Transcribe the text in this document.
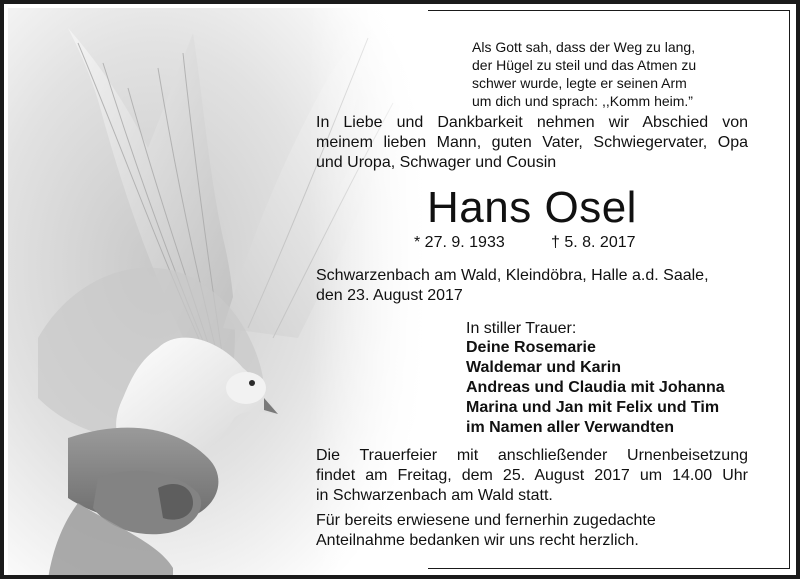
Als Gott sah, dass der Weg zu lang,
der Hügel zu steil und das Atmen zu
schwer wurde, legte er seinen Arm
um dich und sprach: ,,Komm heim.”
In Liebe und Dankbarkeit nehmen wir Abschied von
meinem lieben Mann, guten Vater, Schwiegervater, Opa
und Uropa, Schwager und Cousin
Hans Osel
* 27. 9. 1933	† 5. 8. 2017
Schwarzenbach am Wald, Kleindöbra, Halle a.d. Saale,
den 23. August 2017
In stiller Trauer:
Deine Rosemarie
Waldemar und Karin
Andreas und Claudia mit Johanna
Marina und Jan mit Felix und Tim
im Namen aller Verwandten
Die Trauerfeier mit anschließender Urnenbeisetzung
findet am Freitag, dem 25. August 2017 um 14.00 Uhr
in Schwarzenbach am Wald statt.
Für bereits erwiesene und fernerhin zugedachte
Anteilnahme bedanken wir uns recht herzlich.
